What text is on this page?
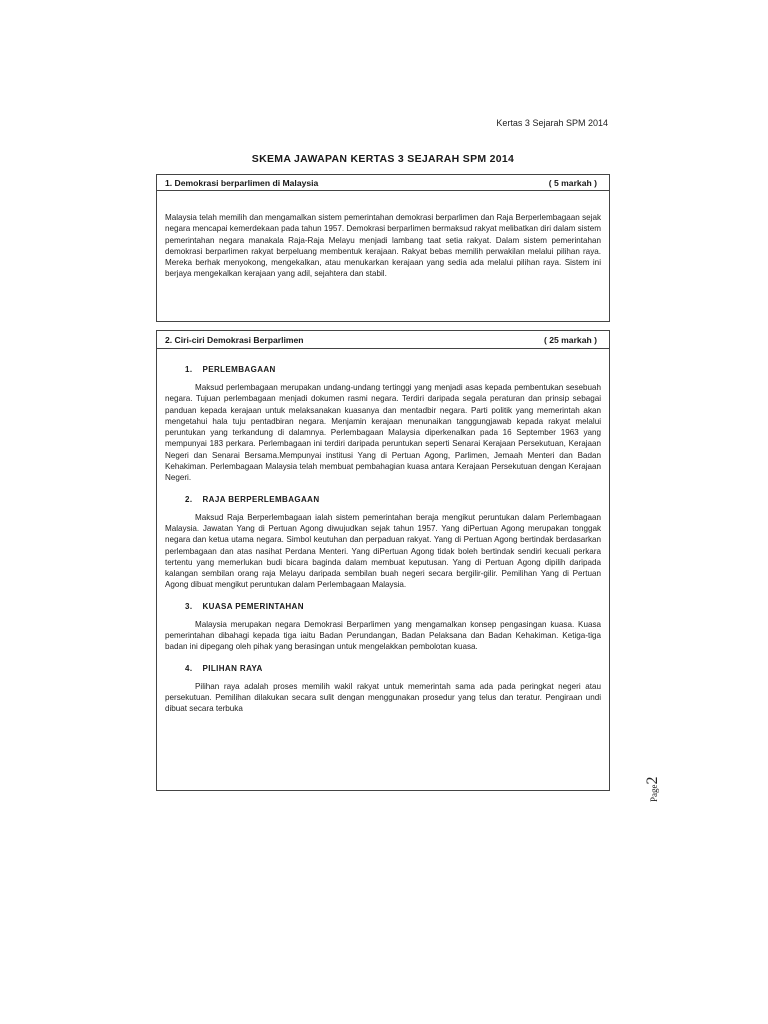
Kertas 3 Sejarah SPM 2014
SKEMA JAWAPAN KERTAS 3 SEJARAH SPM 2014
1. Demokrasi berparlimen di Malaysia	( 5 markah )

Malaysia telah memilih dan mengamalkan sistem pemerintahan demokrasi berparlimen dan Raja Berperlembagaan sejak negara mencapai kemerdekaan pada tahun 1957. Demokrasi berparlimen bermaksud rakyat melibatkan diri dalam sistem pemerintahan negara manakala Raja-Raja Melayu menjadi lambang taat setia rakyat. Dalam sistem pemerintahan demokrasi berparlimen rakyat berpeluang membentuk kerajaan. Rakyat bebas memilih perwakilan melalui pilihan raya. Mereka berhak menyokong, mengekalkan, atau menukarkan kerajaan yang sedia ada melalui pilihan raya. Sistem ini berjaya mengekalkan kerajaan yang adil, sejahtera dan stabil.

2. Ciri-ciri Demokrasi Berparlimen	( 25 markah )

1. PERLEMBAGAAN

Maksud perlembagaan merupakan undang-undang tertinggi yang menjadi asas kepada pembentukan sesebuah negara. Tujuan perlembagaan menjadi dokumen rasmi negara. Terdiri daripada segala peraturan dan prinsip sebagai panduan kepada kerajaan untuk melaksanakan kuasanya dan mentadbir negara. Parti politik yang memerintah akan mengetahui hala tuju pentadbiran negara. Menjamin kerajaan menunaikan tanggungjawab kepada rakyat melalui peruntukan yang terkandung di dalamnya. Perlembagaan Malaysia diperkenalkan pada 16 September 1963 yang mempunyai 183 perkara. Perlembagaan ini terdiri daripada peruntukan seperti Senarai Kerajaan Persekutuan, Kerajaan Negeri dan Senarai Bersama.Mempunyai institusi Yang di Pertuan Agong, Parlimen, Jemaah Menteri dan Badan Kehakiman. Perlembagaan Malaysia telah membuat pembahagian kuasa antara Kerajaan Persekutuan dengan Kerajaan Negeri.

2. RAJA BERPERLEMBAGAAN

Maksud Raja Berperlembagaan ialah sistem pemerintahan beraja mengikut peruntukan dalam Perlembagaan Malaysia. Jawatan Yang di Pertuan Agong diwujudkan sejak tahun 1957. Yang diPertuan Agong merupakan tonggak negara dan ketua utama negara. Simbol keutuhan dan perpaduan rakyat. Yang di Pertuan Agong bertindak berdasarkan perlembagaan dan atas nasihat Perdana Menteri. Yang diPertuan Agong tidak boleh bertindak sendiri kecuali perkara tertentu yang memerlukan budi bicara baginda dalam membuat keputusan. Yang di Pertuan Agong dipilih daripada kalangan sembilan orang raja Melayu daripada sembilan buah negeri secara bergilir-gilir. Pemilihan Yang di Pertuan Agong dibuat mengikut peruntukan dalam Perlembagaan Malaysia.

3. KUASA PEMERINTAHAN

Malaysia merupakan negara Demokrasi Berparlimen yang mengamalkan konsep pengasingan kuasa. Kuasa pemerintahan dibahagi kepada tiga iaitu Badan Perundangan, Badan Pelaksana dan Badan Kehakiman. Ketiga-tiga badan ini dipegang oleh pihak yang berasingan untuk mengelakkan pembolotan kuasa.

4. PILIHAN RAYA

Pilihan raya adalah proses memilih wakil rakyat untuk memerintah sama ada pada peringkat negeri atau persekutuan. Pemilihan dilakukan secara sulit dengan menggunakan prosedur yang telus dan teratur. Pengiraan undi dibuat secara terbuka

Page2
